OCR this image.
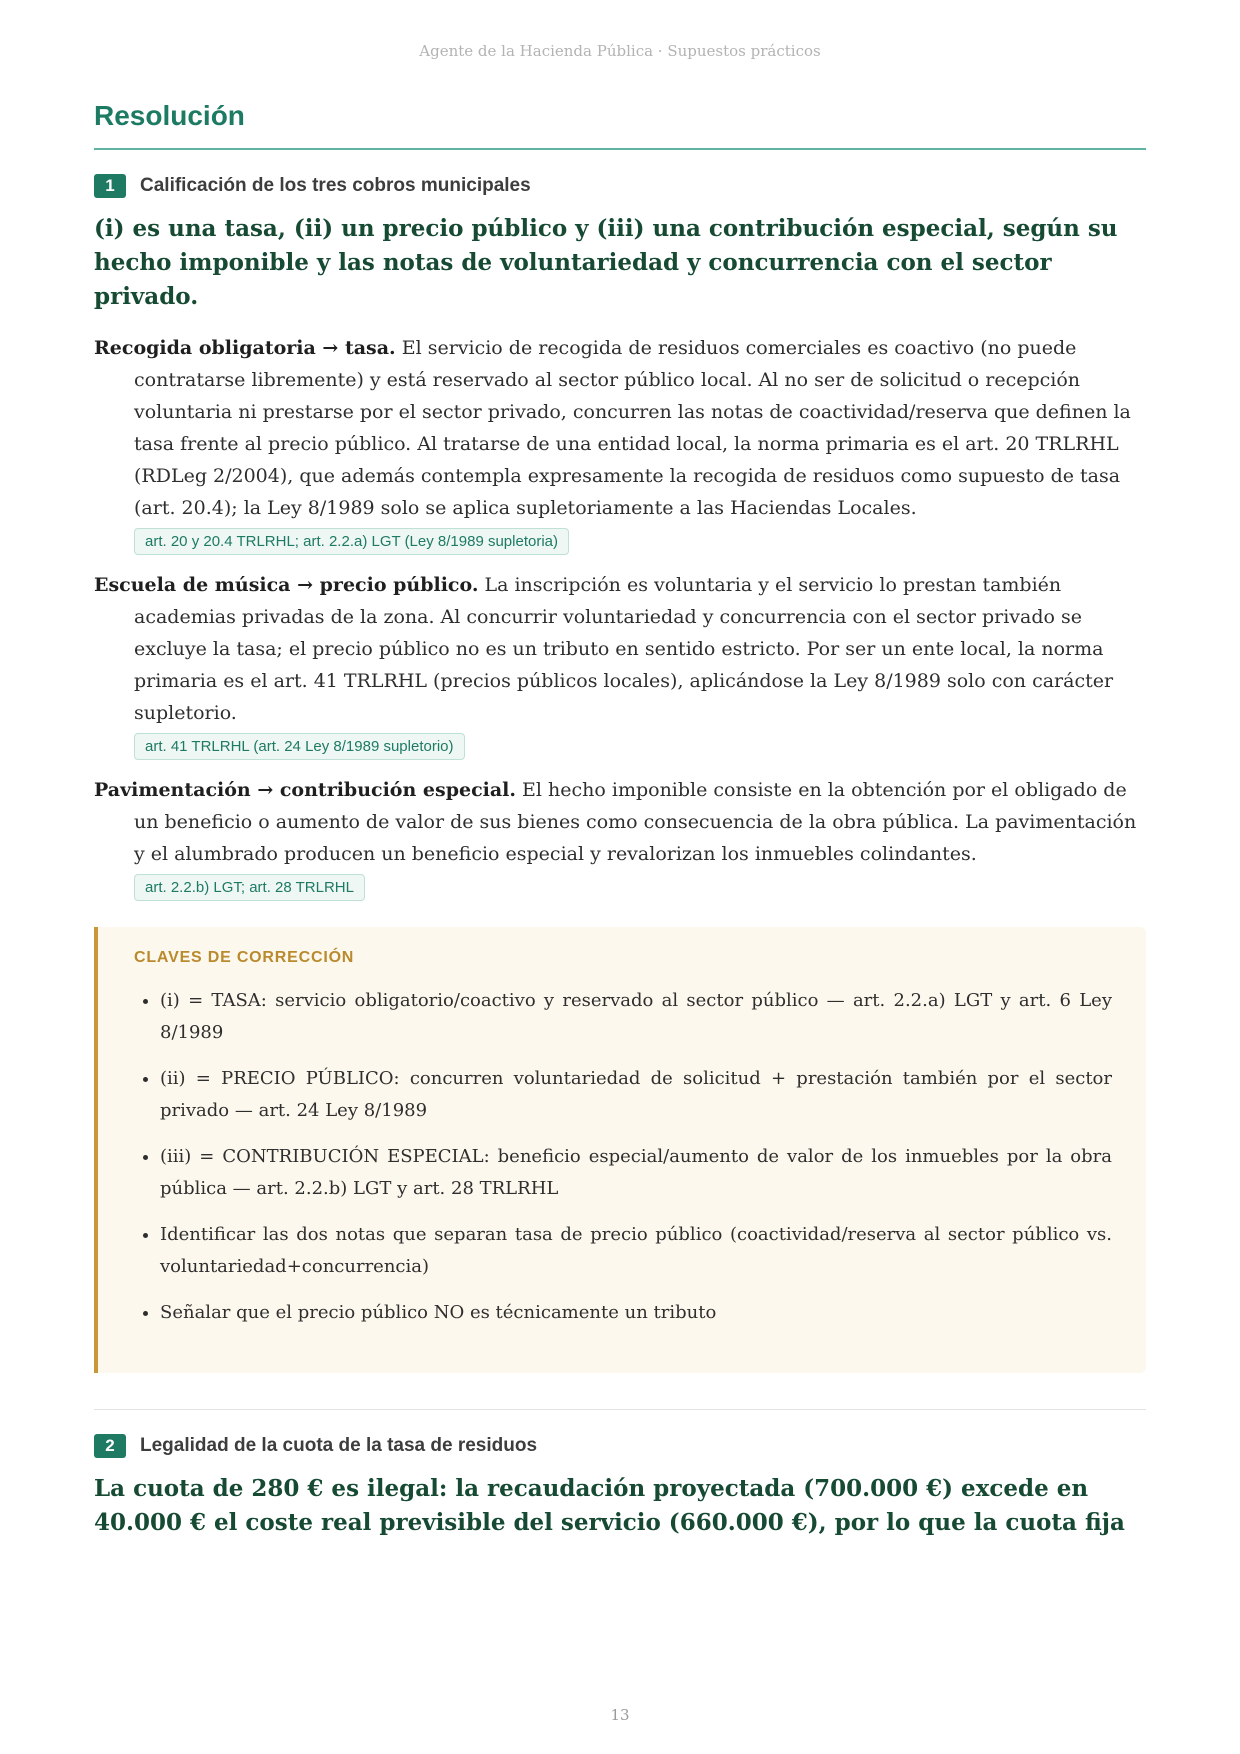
Agente de la Hacienda Pública · Supuestos prácticos
Resolución
1	Calificación de los tres cobros municipales
(i) es una tasa, (ii) un precio público y (iii) una contribución especial, según su hecho imponible y las notas de voluntariedad y concurrencia con el sector privado.

Recogida obligatoria → tasa. El servicio de recogida de residuos comerciales es coactivo (no puede contratarse libremente) y está reservado al sector público local. Al no ser de solicitud o recepción voluntaria ni prestarse por el sector privado, concurren las notas de coactividad/reserva que definen la tasa frente al precio público. Al tratarse de una entidad local, la norma primaria es el art. 20 TRLRHL (RDLeg 2/2004), que además contempla expresamente la recogida de residuos como supuesto de tasa (art. 20.4); la Ley 8/1989 solo se aplica supletoriamente a las Haciendas Locales.

art. 20 y 20.4 TRLRHL; art. 2.2.a) LGT (Ley 8/1989 supletoria)

Escuela de música → precio público. La inscripción es voluntaria y el servicio lo prestan también academias privadas de la zona. Al concurrir voluntariedad y concurrencia con el sector privado se excluye la tasa; el precio público no es un tributo en sentido estricto. Por ser un ente local, la norma primaria es el art. 41 TRLRHL (precios públicos locales), aplicándose la Ley 8/1989 solo con carácter supletorio.

art. 41 TRLRHL (art. 24 Ley 8/1989 supletorio)

Pavimentación → contribución especial. El hecho imponible consiste en la obtención por el obligado de un beneficio o aumento de valor de sus bienes como consecuencia de la obra pública. La pavimentación y el alumbrado producen un beneficio especial y revalorizan los inmuebles colindantes.

art. 2.2.b) LGT; art. 28 TRLRHL
CLAVES DE CORRECCIÓN
• (i) = TASA: servicio obligatorio/coactivo y reservado al sector público — art. 2.2.a) LGT y art. 6 Ley 8/1989
• (ii) = PRECIO PÚBLICO: concurren voluntariedad de solicitud + prestación también por el sector privado — art. 24 Ley 8/1989
• (iii) = CONTRIBUCIÓN ESPECIAL: beneficio especial/aumento de valor de los inmuebles por la obra pública — art. 2.2.b) LGT y art. 28 TRLRHL
• Identificar las dos notas que separan tasa de precio público (coactividad/reserva al sector público vs. voluntariedad+concurrencia)
• Señalar que el precio público NO es técnicamente un tributo
2	Legalidad de la cuota de la tasa de residuos
La cuota de 280 € es ilegal: la recaudación proyectada (700.000 €) excede en 40.000 € el coste real previsible del servicio (660.000 €), por lo que la cuota fija
13
